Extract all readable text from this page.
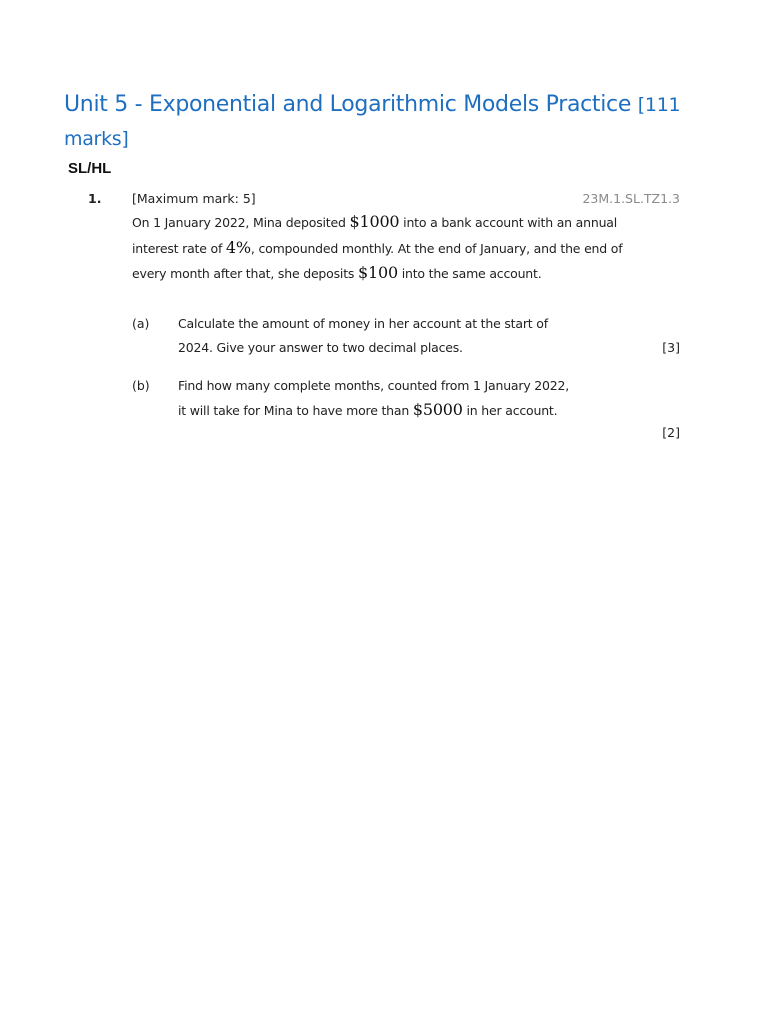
Unit 5 - Exponential and Logarithmic Models Practice [111 marks]
SL/HL
1. [Maximum mark: 5]	23M.1.SL.TZ1.3
On 1 January 2022, Mina deposited $1000 into a bank account with an annual interest rate of 4%, compounded monthly. At the end of January, and the end of every month after that, she deposits $100 into the same account.
(a) Calculate the amount of money in her account at the start of 2024. Give your answer to two decimal places.	[3]
(b) Find how many complete months, counted from 1 January 2022, it will take for Mina to have more than $5000 in her account.
[2]
